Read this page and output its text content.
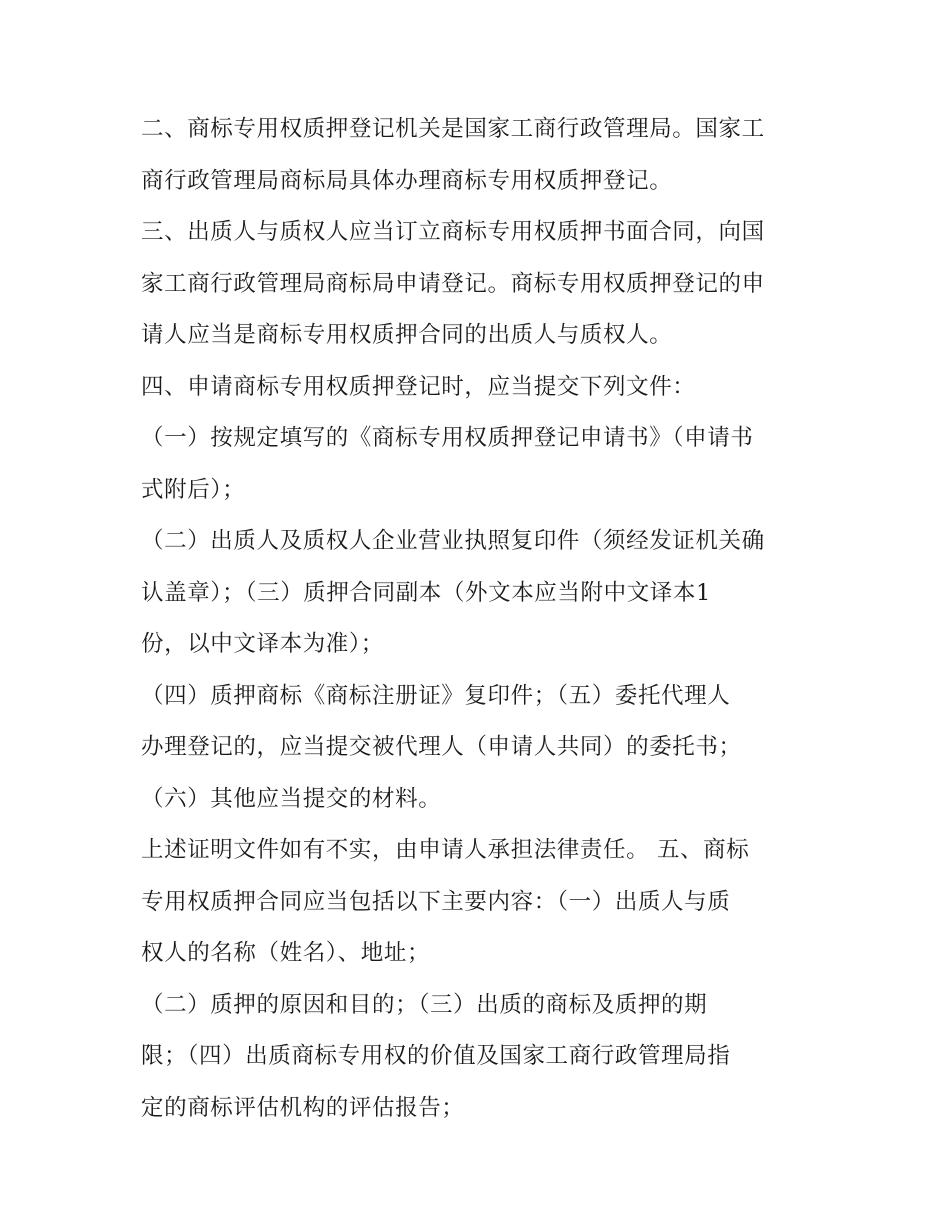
二、商标专用权质押登记机关是国家工商行政管理局。国家工
商行政管理局商标局具体办理商标专用权质押登记。
三、出质人与质权人应当订立商标专用权质押书面合同，向国
家工商行政管理局商标局申请登记。商标专用权质押登记的申
请人应当是商标专用权质押合同的出质人与质权人。
四、申请商标专用权质押登记时，应当提交下列文件：
（一）按规定填写的《商标专用权质押登记申请书》（申请书
式附后）；
（二）出质人及质权人企业营业执照复印件（须经发证机关确
认盖章）；（三）质押合同副本（外文本应当附中文译本1
份，以中文译本为准）；
（四）质押商标《商标注册证》复印件；（五）委托代理人
办理登记的，应当提交被代理人（申请人共同）的委托书；
（六）其他应当提交的材料。
上述证明文件如有不实，由申请人承担法律责任。 五、商标
专用权质押合同应当包括以下主要内容：（一）出质人与质
权人的名称（姓名）、地址；
（二）质押的原因和目的；（三）出质的商标及质押的期
限；（四）出质商标专用权的价值及国家工商行政管理局指
定的商标评估机构的评估报告；
